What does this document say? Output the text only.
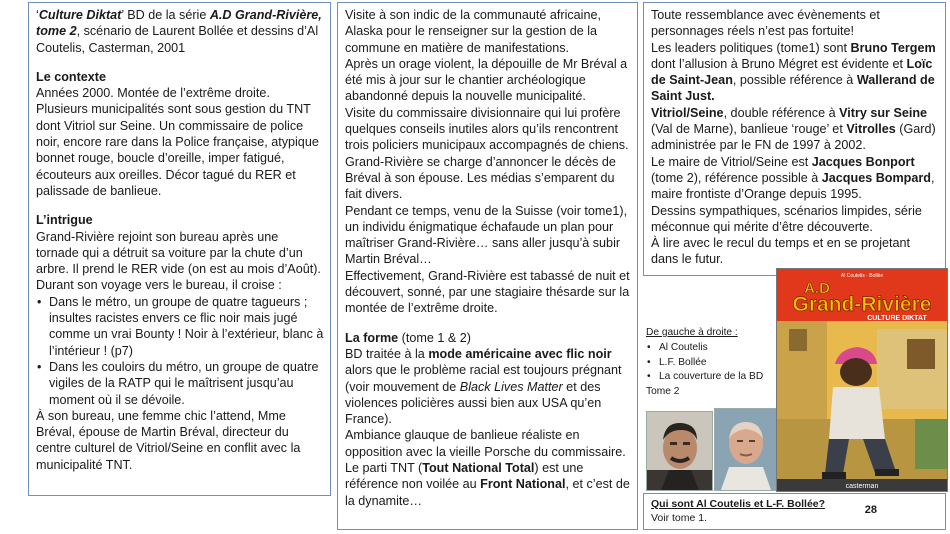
‘Culture Diktat’ BD de la série A.D Grand-Rivière, tome 2, scénario de Laurent Bollée et dessins d’Al Coutelis, Casterman, 2001

Le contexte

Années 2000. Montée de l’extrême droite. Plusieurs municipalités sont sous gestion du TNT dont Vitriol sur Seine. Un commissaire de police noir, encore rare dans la Police française, atypique bonnet rouge, boucle d’oreille, imper fatigué, écouteurs aux oreilles. Décor tagué du RER et palissade de banlieue.

L’intrigue

Grand-Rivière rejoint son bureau après une tornade qui a détruit sa voiture par la chute d’un arbre. Il prend le RER vide (on est au mois d’Août). Durant son voyage vers le bureau, il croise :

• Dans le métro, un groupe de quatre tagueurs ; insultes racistes envers ce flic noir mais jugé comme un vrai Bounty ! Noir à l’extérieur, blanc à l’intérieur ! (p7)
• Dans les couloirs du métro, un groupe de quatre vigiles de la RATP qui le maîtrisent jusqu’au moment où il se dévoile.

À son bureau, une femme chic l’attend, Mme Bréval, épouse de Martin Bréval, directeur du centre culturel de Vitriol/Seine en conflit avec la municipalité TNT.

Visite à son indic de la communauté africaine, Alaska pour le renseigner sur la gestion de la commune en matière de manifestations.

Après un orage violent, la dépouille de Mr Bréval a été mis à jour sur le chantier archéologique abandonné depuis la nouvelle municipalité.

Visite du commissaire divisionnaire qui lui profère quelques conseils inutiles alors qu’ils rencontrent trois policiers municipaux accompagnés de chiens. Grand-Rivière se charge d’annoncer le décès de Bréval à son épouse. Les médias s’emparent du fait divers.

Pendant ce temps, venu de la Suisse (voir tome1), un individu énigmatique échafaude un plan pour maîtriser Grand-Rivière… sans aller jusqu’à subir Martin Bréval…

Effectivement, Grand-Rivière est tabassé de nuit et découvert, sonné, par une stagiaire thésarde sur la montée de l’extrême droite.

La forme (tome 1 & 2)

BD traitée à la mode américaine avec flic noir alors que le problème racial est toujours prégnant (voir mouvement de Black Lives Matter et des violences policières aussi bien aux USA qu’en France).

Ambiance glauque de banlieue réaliste en opposition avec la vieille Porsche du commissaire.

Le parti TNT (Tout National Total) est une référence non voilée au Front National, et c’est de la dynamite…

Toute ressemblance avec évènements et personnages réels n’est pas fortuite!

Les leaders politiques (tome1) sont Bruno Tergem dont l’allusion à Bruno Mégret est évidente et Loïc de Saint-Jean, possible référence à Wallerand de Saint Just.

Vitriol/Seine, double référence à Vitry sur Seine (Val de Marne), banlieue ‘rouge’ et Vitrolles (Gard) administrée par le FN de 1997 à 2002.

Le maire de Vitriol/Seine est Jacques Bonport (tome 2), référence possible à Jacques Bompard, maire frontiste d’Orange depuis 1995.

Dessins sympathiques, scénarios limpides, série méconnue qui mérite d’être découverte.

À lire avec le recul du temps et en se projetant dans le futur.

De gauche à droite :
• Al Coutelis
• L.F. Bollée
• La couverture de la BD
Tome 2
Al Coutelis · Bollée
A.D
Grand-Rivière
CULTURE DIKTAT
casterman
Qui sont Al Coutelis et L-F. Bollée?
Voir tome 1.
28
